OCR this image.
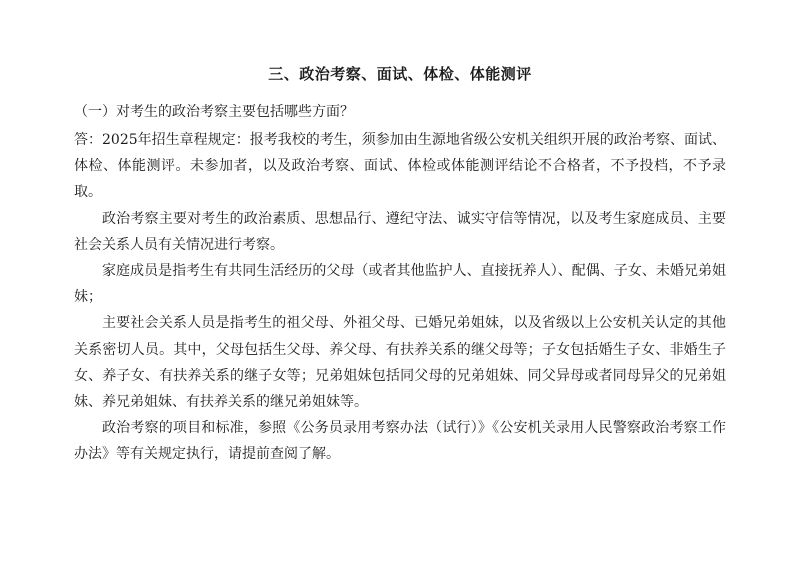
三、政治考察、面试、体检、体能测评
（一）对考生的政治考察主要包括哪些方面？

答：2025年招生章程规定：报考我校的考生，须参加由生源地省级公安机关组织开展的政治考察、面试、体检、体能测评。未参加者，以及政治考察、面试、体检或体能测评结论不合格者，不予投档，不予录取。

政治考察主要对考生的政治素质、思想品行、遵纪守法、诚实守信等情况，以及考生家庭成员、主要社会关系人员有关情况进行考察。

家庭成员是指考生有共同生活经历的父母（或者其他监护人、直接抚养人）、配偶、子女、未婚兄弟姐妹；

主要社会关系人员是指考生的祖父母、外祖父母、已婚兄弟姐妹，以及省级以上公安机关认定的其他关系密切人员。其中，父母包括生父母、养父母、有扶养关系的继父母等；子女包括婚生子女、非婚生子女、养子女、有扶养关系的继子女等；兄弟姐妹包括同父母的兄弟姐妹、同父异母或者同母异父的兄弟姐妹、养兄弟姐妹、有扶养关系的继兄弟姐妹等。

政治考察的项目和标准，参照《公务员录用考察办法（试行）》《公安机关录用人民警察政治考察工作办法》等有关规定执行，请提前查阅了解。
